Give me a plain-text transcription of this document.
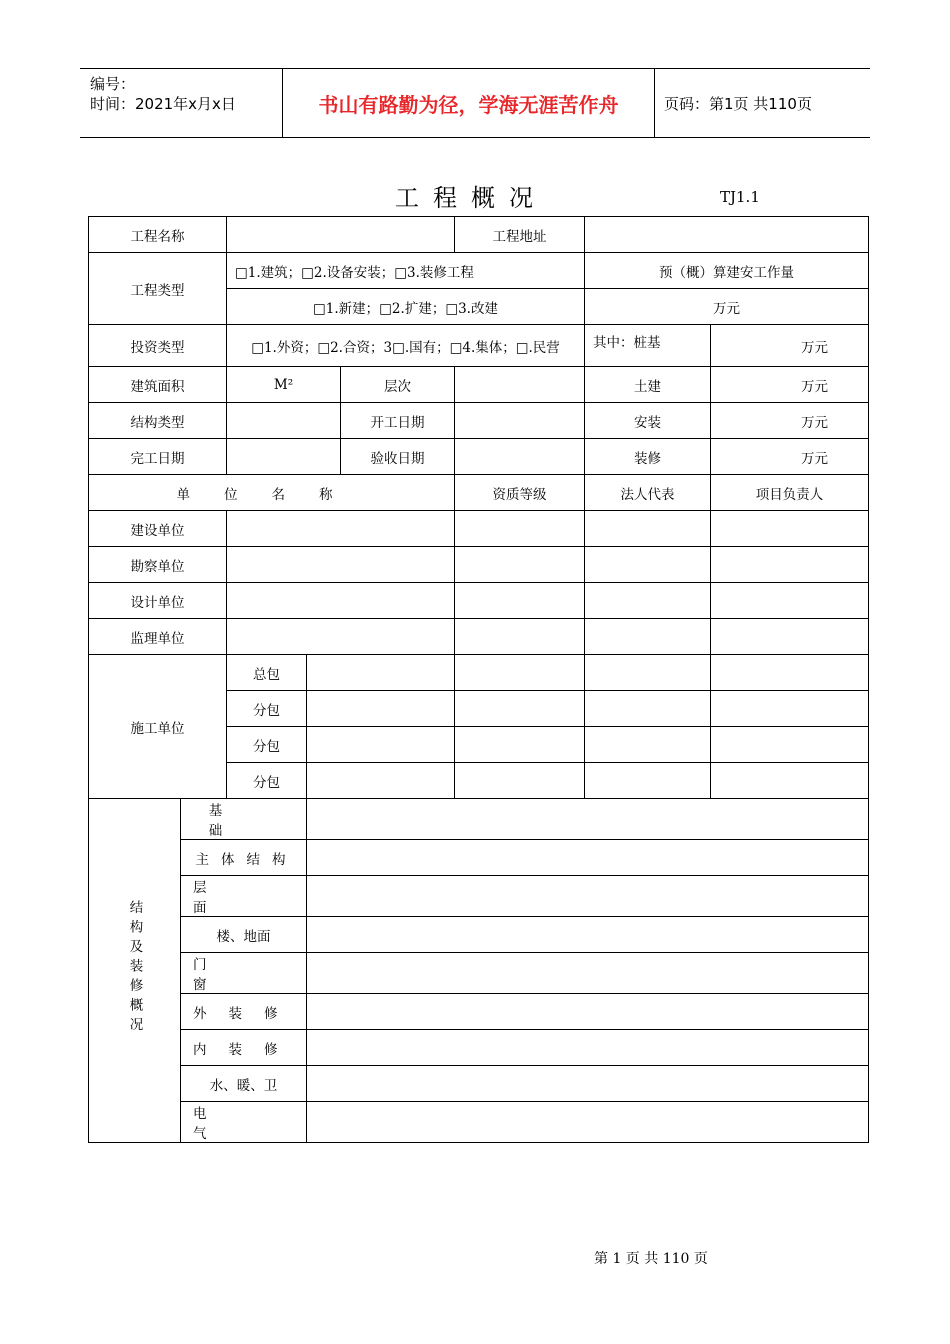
编号：
时间：2021年x月x日	书山有路勤为径，学海无涯苦作舟	页码：第1页 共110页
工程概况	TJ1.1
工程名称					工程地址		
工程类型		□1.建筑；□2.设备安装；□3.装修工程				预（概）算建安工作量	
		□1.新建；□2.扩建；□3.改建				万元	
投资类型		□1.外资；□2.合资；3□.国有；□4.集体；□.民营				其中：桩基	万元
建筑面积		M²		层次		土建	万元
结构类型				开工日期		安装	万元
完工日期				验收日期		装修	万元
单位名称					资质等级	法人代表	项目负责人
建设单位							
勘察单位							
设计单位							
监理单位							
施工单位		总包					
		分包					
		分包					
		分包					
结构及装修概况	基础						

	主体结构						

	层面						

	楼、地面						

	门窗						

	外装修						

	内装修						

	水、暖、卫						

	电气						

第 1 页 共 110 页
